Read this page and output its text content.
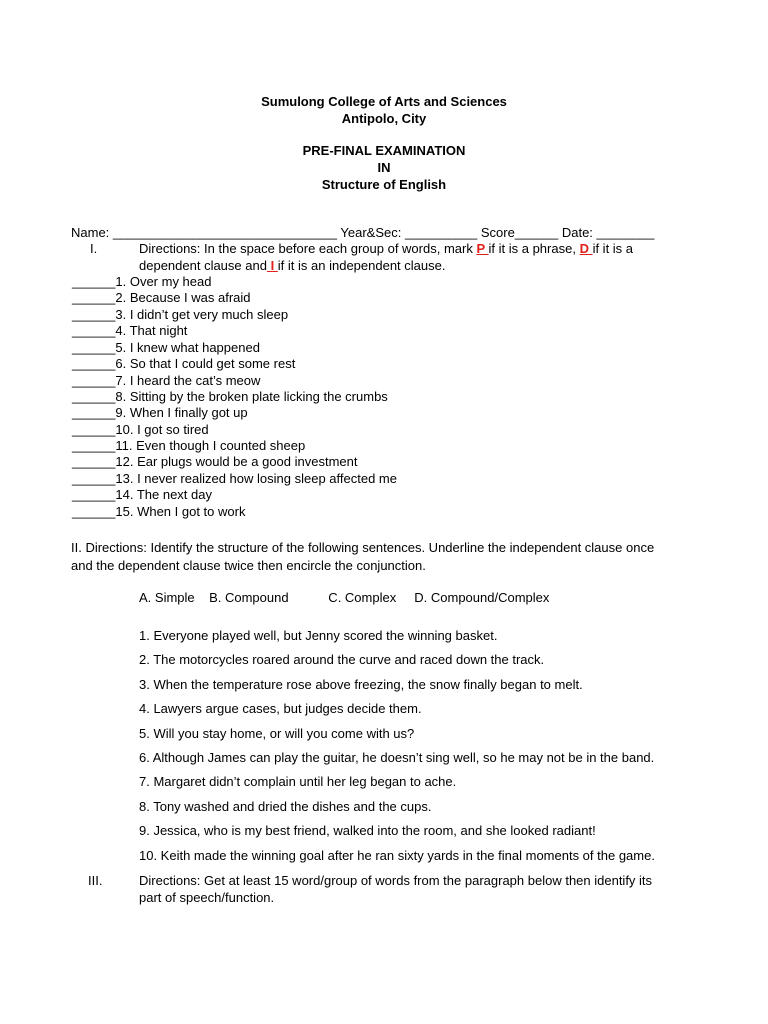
Sumulong College of Arts and Sciences
Antipolo, City
PRE-FINAL EXAMINATION
IN
Structure of English
Name: _______________________________ Year&Sec: __________ Score______ Date: ________
I.	Directions: In the space before each group of words, mark P if it is a phrase, D if it is a
dependent clause and I if it is an independent clause.
______1. Over my head
______2. Because I was afraid
______3. I didn’t get very much sleep
______4. That night
______5. I knew what happened
______6. So that I could get some rest
______7. I heard the cat’s meow
______8. Sitting by the broken plate licking the crumbs
______9. When I finally got up
______10. I got so tired
______11. Even though I counted sheep
______12. Ear plugs would be a good investment
______13. I never realized how losing sleep affected me
______14. The next day
______15. When I got to work
II. Directions: Identify the structure of the following sentences. Underline the independent clause once
and the dependent clause twice then encircle the conjunction.
A. Simple    B. Compound           C. Complex     D. Compound/Complex
1. Everyone played well, but Jenny scored the winning basket.
2. The motorcycles roared around the curve and raced down the track.
3. When the temperature rose above freezing, the snow finally began to melt.
4. Lawyers argue cases, but judges decide them.
5. Will you stay home, or will you come with us?
6. Although James can play the guitar, he doesn’t sing well, so he may not be in the band.
7. Margaret didn’t complain until her leg began to ache.
8. Tony washed and dried the dishes and the cups.
9. Jessica, who is my best friend, walked into the room, and she looked radiant!
10. Keith made the winning goal after he ran sixty yards in the final moments of the game.
III.	Directions: Get at least 15 word/group of words from the paragraph below then identify its
part of speech/function.
